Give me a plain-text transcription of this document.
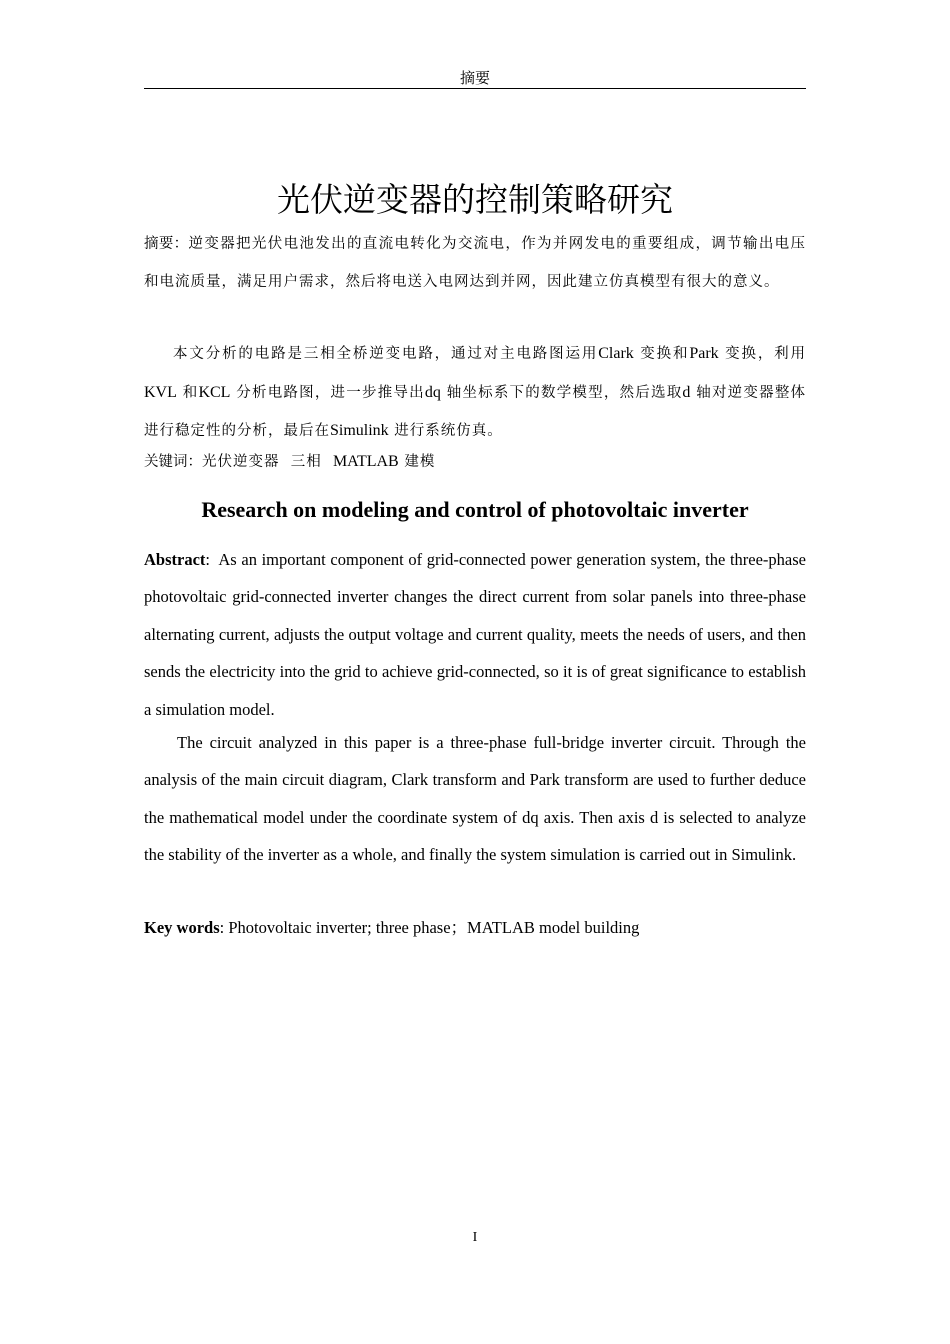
摘要
光伏逆变器的控制策略研究
摘要：逆变器把光伏电池发出的直流电转化为交流电，作为并网发电的重要组成，调节输出电压和电流质量，满足用户需求，然后将电送入电网达到并网，因此建立仿真模型有很大的意义。
本文分析的电路是三相全桥逆变电路，通过对主电路图运用Clark 变换和Park 变换，利用KVL 和KCL 分析电路图，进一步推导出dq 轴坐标系下的数学模型，然后选取d 轴对逆变器整体进行稳定性的分析，最后在Simulink 进行系统仿真。
关键词：光伏逆变器 三相 MATLAB 建模
Research on modeling and control of photovoltaic inverter
Abstract:  As an important component of grid-connected power generation system, the three-phase photovoltaic grid-connected inverter changes the direct current from solar panels into three-phase alternating current, adjusts the output voltage and current quality, meets the needs of users, and then sends the electricity into the grid to achieve grid-connected, so it is of great significance to establish a simulation model.
The circuit analyzed in this paper is a three-phase full-bridge inverter circuit. Through the analysis of the main circuit diagram, Clark transform and Park transform are used to further deduce the mathematical model under the coordinate system of dq axis. Then axis d is selected to analyze the stability of the inverter as a whole, and finally the system simulation is carried out in Simulink.
Key words: Photovoltaic inverter; three phase；MATLAB model building
I
